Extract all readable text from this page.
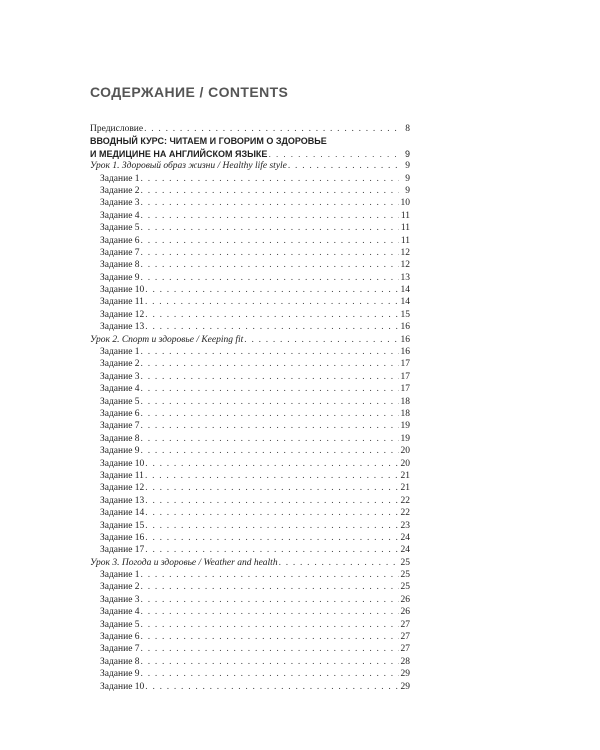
СОДЕРЖАНИЕ / CONTENTS
Предисловие . . .	8
ВВОДНЫЙ КУРС: ЧИТАЕМ И ГОВОРИМ О ЗДОРОВЬЕ
И МЕДИЦИНЕ НА АНГЛИЙСКОМ ЯЗЫКЕ . . .	9
Урок 1. Здоровый образ жизни / Healthy life style . . .	9
Задание 1 . . .	9
Задание 2 . . .	9
Задание 3 . . .	10
Задание 4 . . .	11
Задание 5 . . .	11
Задание 6 . . .	11
Задание 7 . . .	12
Задание 8 . . .	12
Задание 9 . . .	13
Задание 10 . . .	14
Задание 11 . . .	14
Задание 12 . . .	15
Задание 13 . . .	16
Урок 2. Спорт и здоровье / Keeping fit . . .	16
Задание 1 . . .	16
Задание 2 . . .	17
Задание 3 . . .	17
Задание 4 . . .	17
Задание 5 . . .	18
Задание 6 . . .	18
Задание 7 . . .	19
Задание 8 . . .	19
Задание 9 . . .	20
Задание 10 . . .	20
Задание 11 . . .	21
Задание 12 . . .	21
Задание 13 . . .	22
Задание 14 . . .	22
Задание 15 . . .	23
Задание 16 . . .	24
Задание 17 . . .	24
Урок 3. Погода и здоровье / Weather and health . . .	25
Задание 1 . . .	25
Задание 2 . . .	25
Задание 3 . . .	26
Задание 4 . . .	26
Задание 5 . . .	27
Задание 6 . . .	27
Задание 7 . . .	27
Задание 8 . . .	28
Задание 9 . . .	29
Задание 10 . . .	29
